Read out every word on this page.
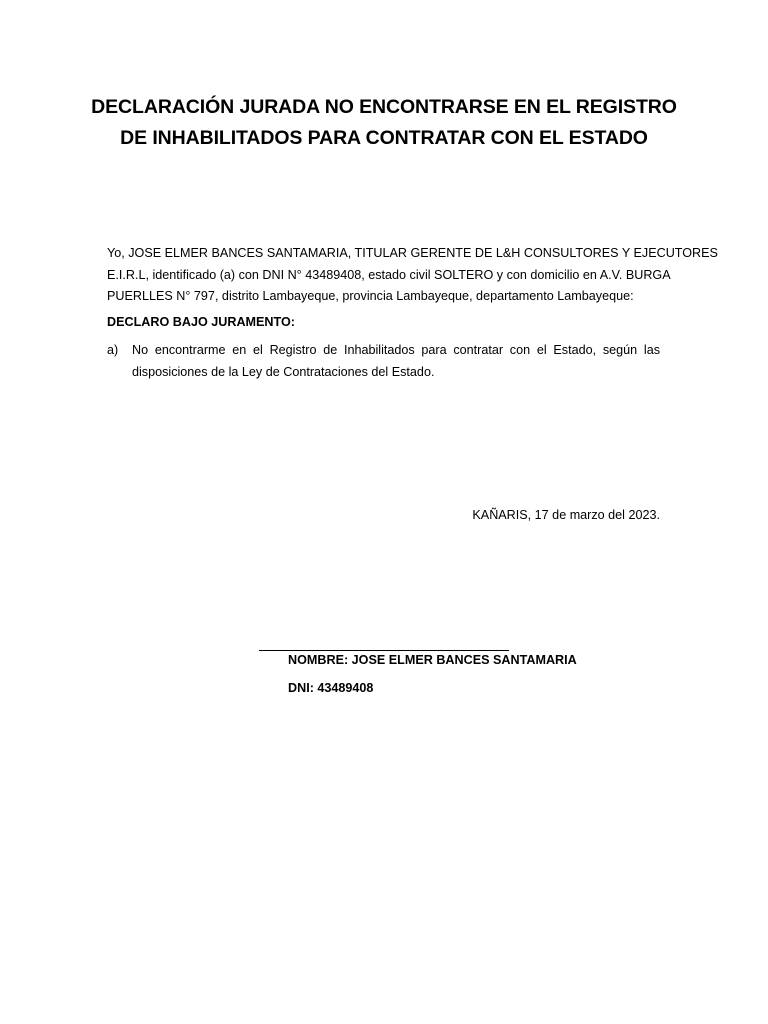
DECLARACIÓN JURADA NO ENCONTRARSE EN EL REGISTRO
DE INHABILITADOS PARA CONTRATAR CON EL ESTADO
Yo, JOSE ELMER BANCES SANTAMARIA, TITULAR GERENTE DE L&H CONSULTORES Y EJECUTORES
E.I.R.L, identificado (a) con DNI N° 43489408, estado civil SOLTERO y con domicilio en A.V. BURGA
PUERLLES N° 797, distrito Lambayeque, provincia Lambayeque, departamento Lambayeque:
DECLARO BAJO JURAMENTO:
a) No encontrarme en el Registro de Inhabilitados para contratar con el Estado, según las
disposiciones de la Ley de Contrataciones del Estado.
KAÑARIS, 17 de marzo del 2023.
NOMBRE: JOSE ELMER BANCES SANTAMARIA
DNI: 43489408
